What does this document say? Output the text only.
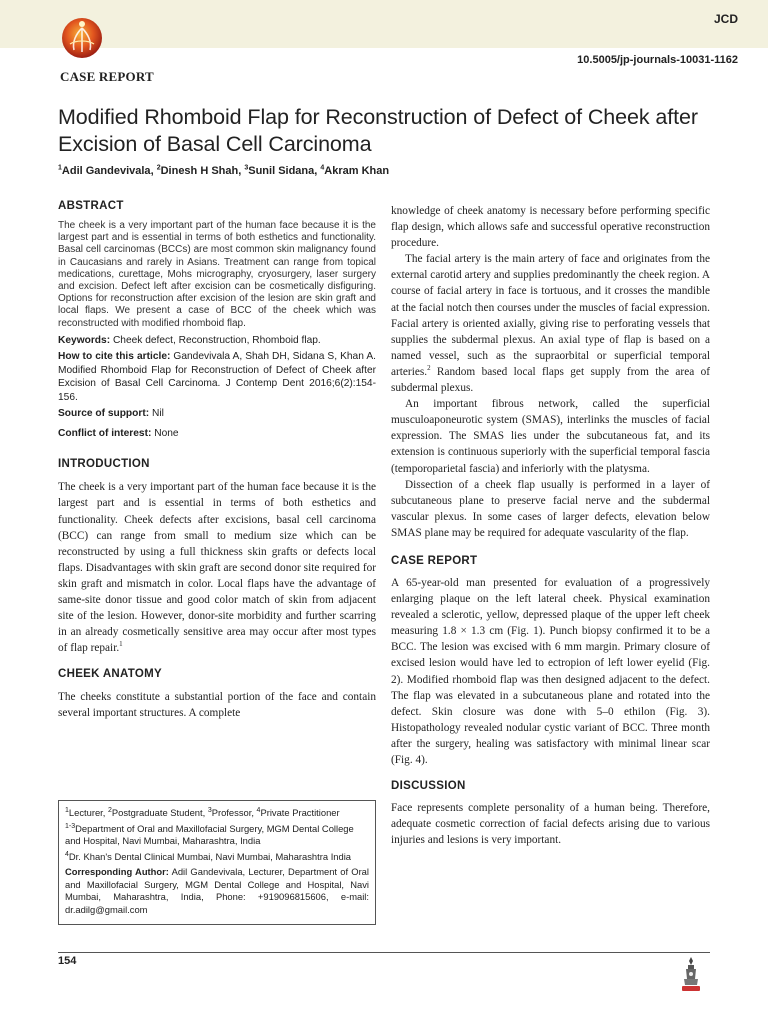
JCD
CASE REPORT
10.5005/jp-journals-10031-1162
Modified Rhomboid Flap for Reconstruction of Defect of Cheek after Excision of Basal Cell Carcinoma
$^1$Adil Gandevivala, $^2$Dinesh H Shah, $^3$Sunil Sidana, $^4$Akram Khan
ABSTRACT

The cheek is a very important part of the human face because it is the largest part and is essential in terms of both esthetics and functionality. Basal cell carcinomas (BCCs) are most common skin malignancy found in Caucasians and rarely in Asians. Treatment can range from topical medications, curettage, Mohs micrography, cryosurgery, laser surgery and excision. Defect left after excision can be cosmetically disfiguring. Options for reconstruction after excision of the lesion are skin graft and local flaps. We present a case of BCC of the cheek which was reconstructed with modified rhomboid flap.

Keywords: Cheek defect, Reconstruction, Rhomboid flap.

How to cite this article: Gandevivala A, Shah DH, Sidana S, Khan A. Modified Rhomboid Flap for Reconstruction of Defect of Cheek after Excision of Basal Cell Carcinoma. J Contemp Dent 2016;6(2):154-156.

Source of support: Nil

Conflict of interest: None

INTRODUCTION

The cheek is a very important part of the human face because it is the largest part and is essential in terms of both esthetics and functionality. Cheek defects after excisions, basal cell carcinoma (BCC) can range from small to medium size which can be reconstructed by using a full thickness skin grafts or defects local flaps. Disadvantages with skin graft are second donor site required for skin graft and mismatch in color. Local flaps have the advantage of same-site donor tissue and good color match of skin from adjacent site of the lesion. However, donor-site morbidity and further scarring in an already cosmetically sensitive area may occur after most types of flap repair.$^1$

CHEEK ANATOMY

The cheeks constitute a substantial portion of the face and contain several important structures. A complete

$^1$Lecturer, $^2$Postgraduate Student, $^3$Professor, $^4$Private Practitioner

$^{1-3}$Department of Oral and Maxillofacial Surgery, MGM Dental College and Hospital, Navi Mumbai, Maharashtra, India

$^4$Dr. Khan's Dental Clinical Mumbai, Navi Mumbai, Maharashtra India

Corresponding Author: Adil Gandevivala, Lecturer, Department of Oral and Maxillofacial Surgery, MGM Dental College and Hospital, Navi Mumbai, Maharashtra, India, Phone: +919096815606, e-mail: dr.adilg@gmail.com

knowledge of cheek anatomy is necessary before performing specific flap design, which allows safe and successful operative reconstruction procedure.

The facial artery is the main artery of face and originates from the external carotid artery and supplies predominantly the cheek region. A course of facial artery in face is tortuous, and it crosses the mandible at the facial notch then courses under the muscles of facial expression. Facial artery is oriented axially, giving rise to perforating vessels that supplies the subdermal plexus. An axial type of flap is based on a named vessel, such as the supraorbital or superficial temporal arteries.$^2$ Random based local flaps get supply from the area of subdermal plexus.

An important fibrous network, called the superficial musculoaponeurotic system (SMAS), interlinks the muscles of facial expression. The SMAS lies under the subcutaneous fat, and its extension is continuous superiorly with the superficial temporal fascia (temporoparietal fascia) and inferiorly with the platysma.

Dissection of a cheek flap usually is performed in a layer of subcutaneous plane to preserve facial nerve and the subdermal vascular plexus. In some cases of larger defects, elevation below SMAS plane may be required for adequate vascularity of the flap.

CASE REPORT

A 65-year-old man presented for evaluation of a progressively enlarging plaque on the left lateral cheek. Physical examination revealed a sclerotic, yellow, depressed plaque of the upper left cheek measuring 1.8 × 1.3 cm (Fig. 1). Punch biopsy confirmed it to be a BCC. The lesion was excised with 6 mm margin. Primary closure of excised lesion would have led to ectropion of left lower eyelid (Fig. 2). Modified rhomboid flap was then designed adjacent to the defect. The flap was elevated in a subcutaneous plane and rotated into the defect. Skin closure was done with 5–0 ethilon (Fig. 3). Histopathology revealed nodular cystic variant of BCC. Three month after the surgery, healing was satisfactory with minimal linear scar (Fig. 4).

DISCUSSION

Face represents complete personality of a human being. Therefore, adequate cosmetic correction of facial defects arising due to various injuries and lesions is very important.

154
